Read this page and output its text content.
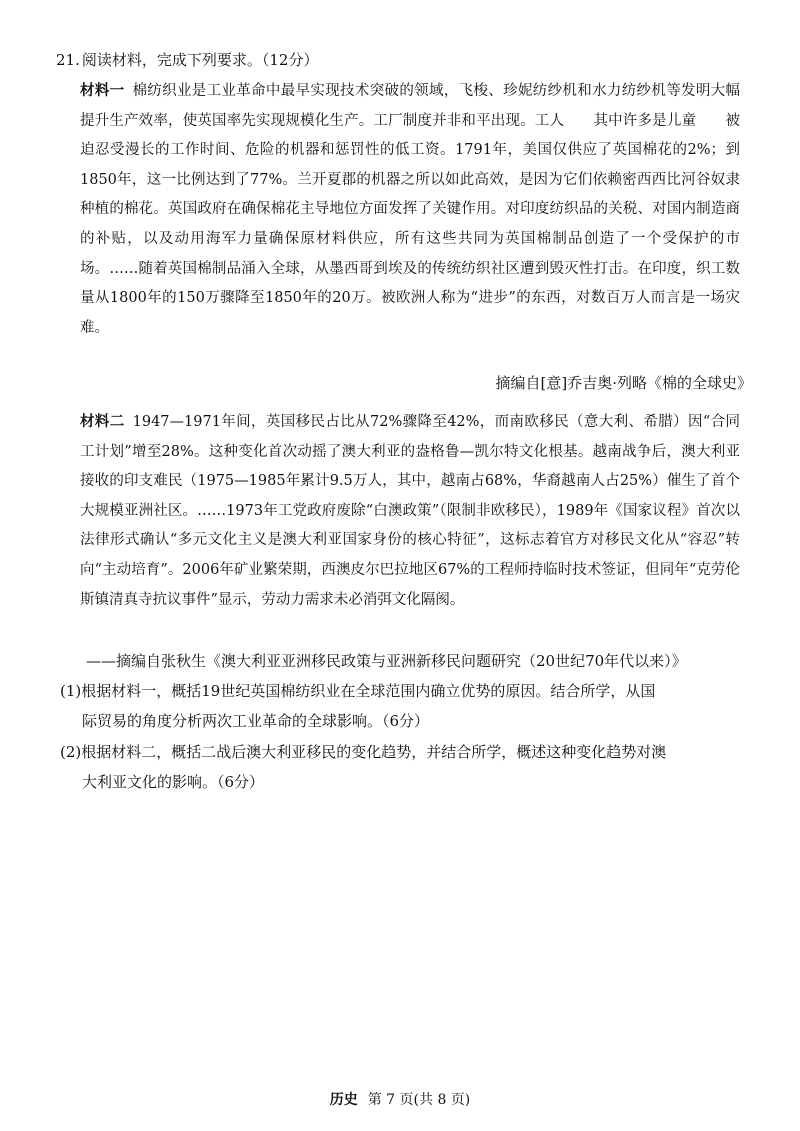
21. 阅读材料，完成下列要求。（12分）
材料一 棉纺织业是工业革命中最早实现技术突破的领域，飞梭、珍妮纺纱机和水力纺纱机等发明大幅提升生产效率，使英国率先实现规模化生产。工厂制度并非和平出现。工人　　其中许多是儿童　　被迫忍受漫长的工作时间、危险的机器和惩罚性的低工资。1791年，美国仅供应了英国棉花的2%；到1850年，这一比例达到了77%。兰开夏郡的机器之所以如此高效，是因为它们依赖密西西比河谷奴隶种植的棉花。英国政府在确保棉花主导地位方面发挥了关键作用。对印度纺织品的关税、对国内制造商的补贴，以及动用海军力量确保原材料供应，所有这些共同为英国棉制品创造了一个受保护的市场。……随着英国棉制品涌入全球，从墨西哥到埃及的传统纺织社区遭到毁灭性打击。在印度，织工数量从1800年的150万骤降至1850年的20万。被欧洲人称为“进步”的东西，对数百万人而言是一场灾难。
摘编自[意]乔吉奥·列略《棉的全球史》
材料二 1947—1971年间，英国移民占比从72%骤降至42%，而南欧移民（意大利、希腊）因“合同工计划”增至28%。这种变化首次动摇了澳大利亚的盎格鲁—凯尔特文化根基。越南战争后，澳大利亚接收的印支难民（1975—1985年累计9.5万人，其中，越南占68%，华裔越南人占25%）催生了首个大规模亚洲社区。……1973年工党政府废除“白澳政策”（限制非欧移民），1989年《国家议程》首次以法律形式确认“多元文化主义是澳大利亚国家身份的核心特征”，这标志着官方对移民文化从“容忍”转向“主动培育”。2006年矿业繁荣期，西澳皮尔巴拉地区67%的工程师持临时技术签证，但同年“克劳伦斯镇清真寺抗议事件”显示，劳动力需求未必消弭文化隔阂。
——摘编自张秋生《澳大利亚亚洲移民政策与亚洲新移民问题研究（20世纪70年代以来）》
(1)根据材料一，概括19世纪英国棉纺织业在全球范围内确立优势的原因。结合所学，从国
际贸易的角度分析两次工业革命的全球影响。（6分）
(2)根据材料二，概括二战后澳大利亚移民的变化趋势，并结合所学，概述这种变化趋势对澳
大利亚文化的影响。（6分）
历史 第 7 页(共 8 页)
